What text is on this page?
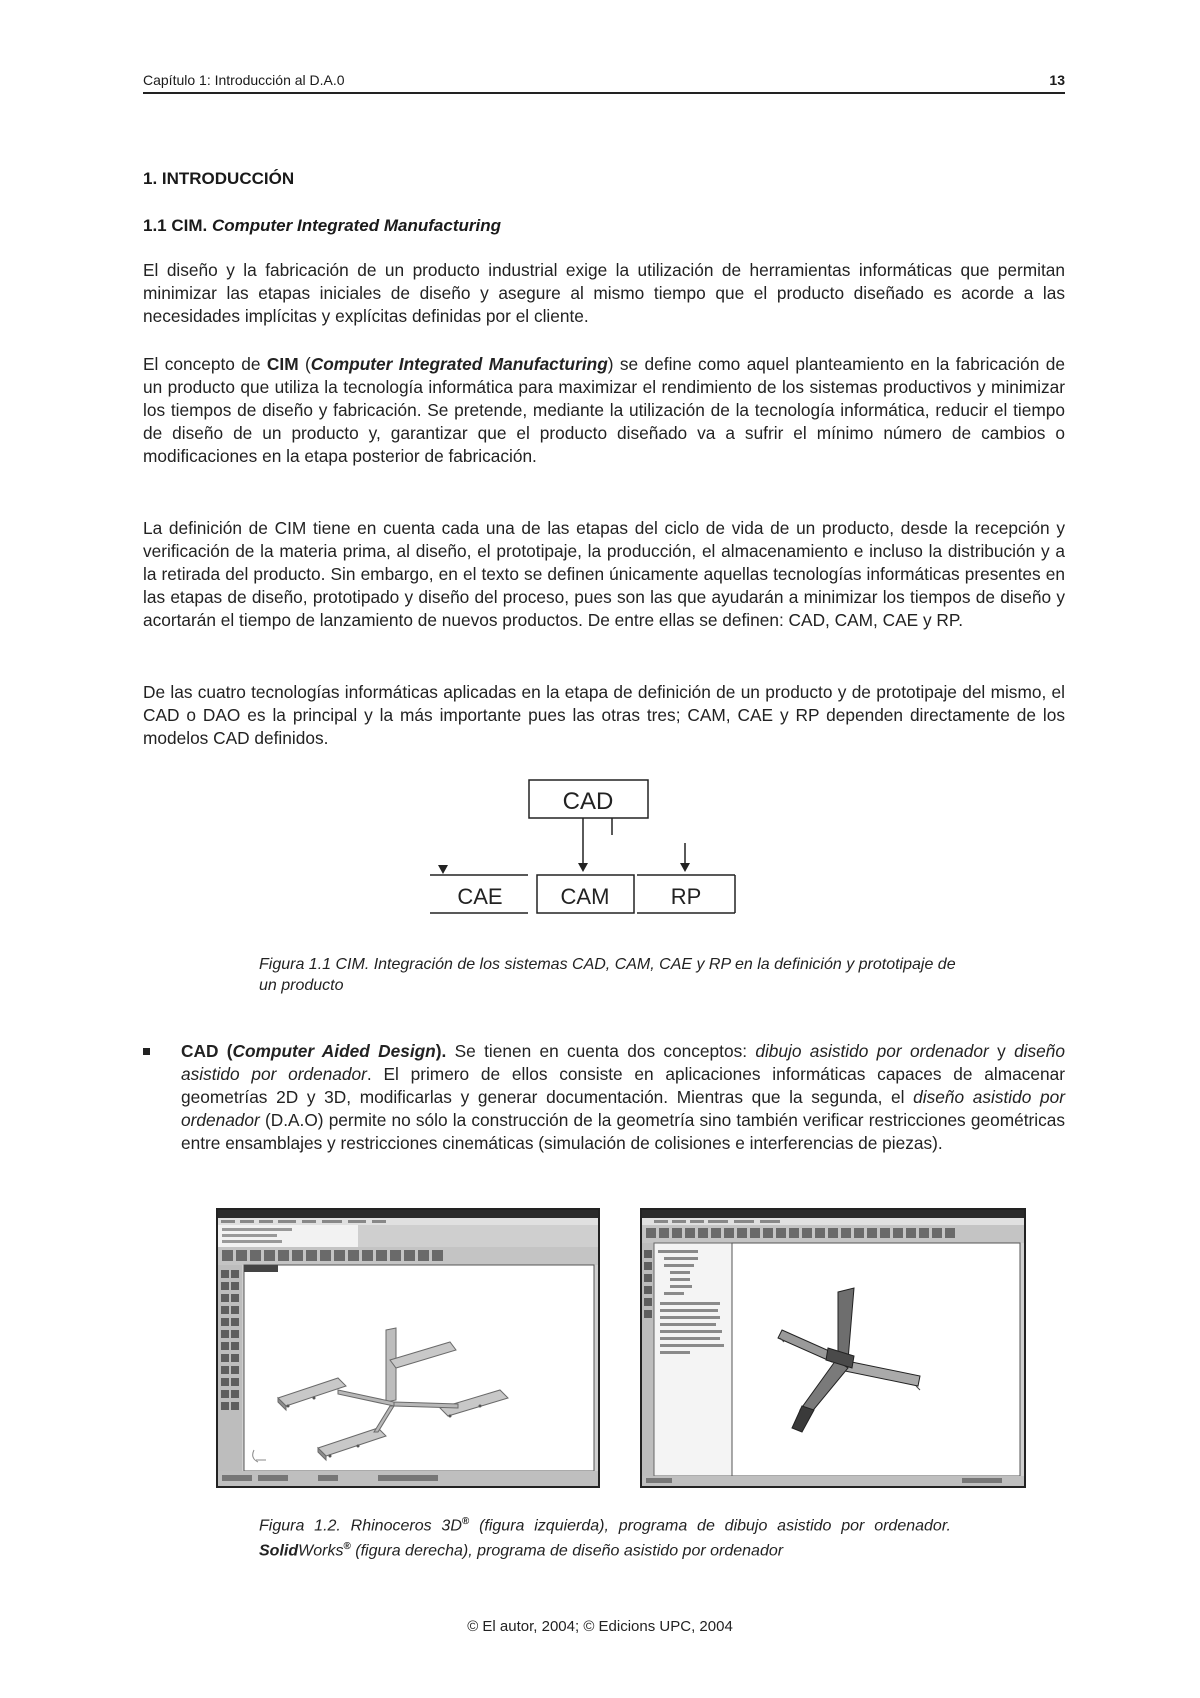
Capítulo 1: Introducción al D.A.0	13
1. INTRODUCCIÓN
1.1 CIM. Computer Integrated Manufacturing
El diseño y la fabricación de un producto industrial exige la utilización de herramientas informáticas que permitan minimizar las etapas iniciales de diseño y asegure al mismo tiempo que el producto diseñado es acorde a las necesidades implícitas y explícitas definidas por el cliente.
El concepto de CIM (Computer Integrated Manufacturing) se define como aquel planteamiento en la fabricación de un producto que utiliza la tecnología informática para maximizar el rendimiento de los sistemas productivos y minimizar los tiempos de diseño y fabricación. Se pretende, mediante la utilización de la tecnología informática, reducir el tiempo de diseño de un producto y, garantizar que el producto diseñado va a sufrir el mínimo número de cambios o modificaciones en la etapa posterior de fabricación.
La definición de CIM tiene en cuenta cada una de las etapas del ciclo de vida de un producto, desde la recepción y verificación de la materia prima, al diseño, el prototipaje, la producción, el almacenamiento e incluso la distribución y a la retirada del producto. Sin embargo, en el texto se definen únicamente aquellas tecnologías informáticas presentes en las etapas de diseño, prototipado y diseño del proceso, pues son las que ayudarán a minimizar los tiempos de diseño y acortarán el tiempo de lanzamiento de nuevos productos. De entre ellas se definen: CAD, CAM, CAE y RP.
De las cuatro tecnologías informáticas aplicadas en la etapa de definición de un producto y de prototipaje del mismo, el CAD o DAO es la principal y la más importante pues las otras tres; CAM, CAE y RP dependen directamente de los modelos CAD definidos.
CAD
CAE	CAM	RP
Figura 1.1 CIM. Integración de los sistemas CAD, CAM, CAE y RP en la definición y prototipaje de un producto
CAD (Computer Aided Design). Se tienen en cuenta dos conceptos: dibujo asistido por ordenador y diseño asistido por ordenador. El primero de ellos consiste en aplicaciones informáticas capaces de almacenar geometrías 2D y 3D, modificarlas y generar documentación. Mientras que la segunda, el diseño asistido por ordenador (D.A.O) permite no sólo la construcción de la geometría sino también verificar restricciones geométricas entre ensamblajes y restricciones cinemáticas (simulación de colisiones e interferencias de piezas).
Figura 1.2. Rhinoceros 3D® (figura izquierda), programa de dibujo asistido por ordenador. SolidWorks® (figura derecha), programa de diseño asistido por ordenador
© El autor, 2004; © Edicions UPC, 2004
